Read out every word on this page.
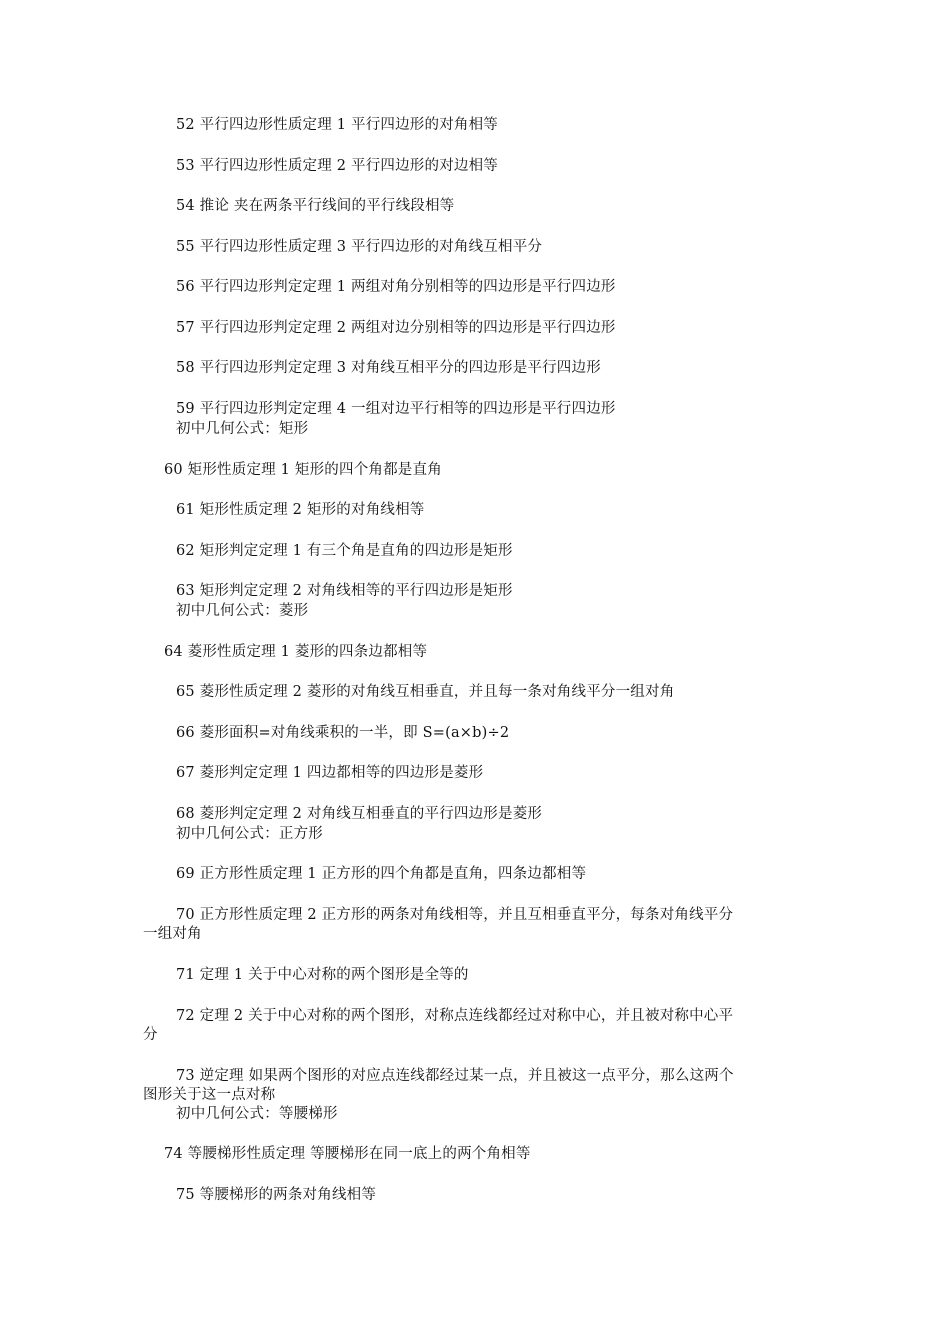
52 平行四边形性质定理 1 平行四边形的对角相等

53 平行四边形性质定理 2 平行四边形的对边相等

54 推论 夹在两条平行线间的平行线段相等

55 平行四边形性质定理 3 平行四边形的对角线互相平分

56 平行四边形判定定理 1 两组对角分别相等的四边形是平行四边形

57 平行四边形判定定理 2 两组对边分别相等的四边形是平行四边形

58 平行四边形判定定理 3 对角线互相平分的四边形是平行四边形

59 平行四边形判定定理 4 一组对边平行相等的四边形是平行四边形

初中几何公式：矩形

60 矩形性质定理 1 矩形的四个角都是直角

61 矩形性质定理 2 矩形的对角线相等

62 矩形判定定理 1 有三个角是直角的四边形是矩形

63 矩形判定定理 2 对角线相等的平行四边形是矩形

初中几何公式：菱形

64 菱形性质定理 1 菱形的四条边都相等

65 菱形性质定理 2 菱形的对角线互相垂直，并且每一条对角线平分一组对角

66 菱形面积=对角线乘积的一半，即 S=(a×b)÷2

67 菱形判定定理 1 四边都相等的四边形是菱形

68 菱形判定定理 2 对角线互相垂直的平行四边形是菱形

初中几何公式：正方形

69 正方形性质定理 1 正方形的四个角都是直角，四条边都相等

70 正方形性质定理 2 正方形的两条对角线相等，并且互相垂直平分，每条对角线平分

一组对角

71 定理 1 关于中心对称的两个图形是全等的

72 定理 2 关于中心对称的两个图形，对称点连线都经过对称中心，并且被对称中心平

分

73 逆定理 如果两个图形的对应点连线都经过某一点，并且被这一点平分，那么这两个

图形关于这一点对称

初中几何公式：等腰梯形

74 等腰梯形性质定理 等腰梯形在同一底上的两个角相等

75 等腰梯形的两条对角线相等
